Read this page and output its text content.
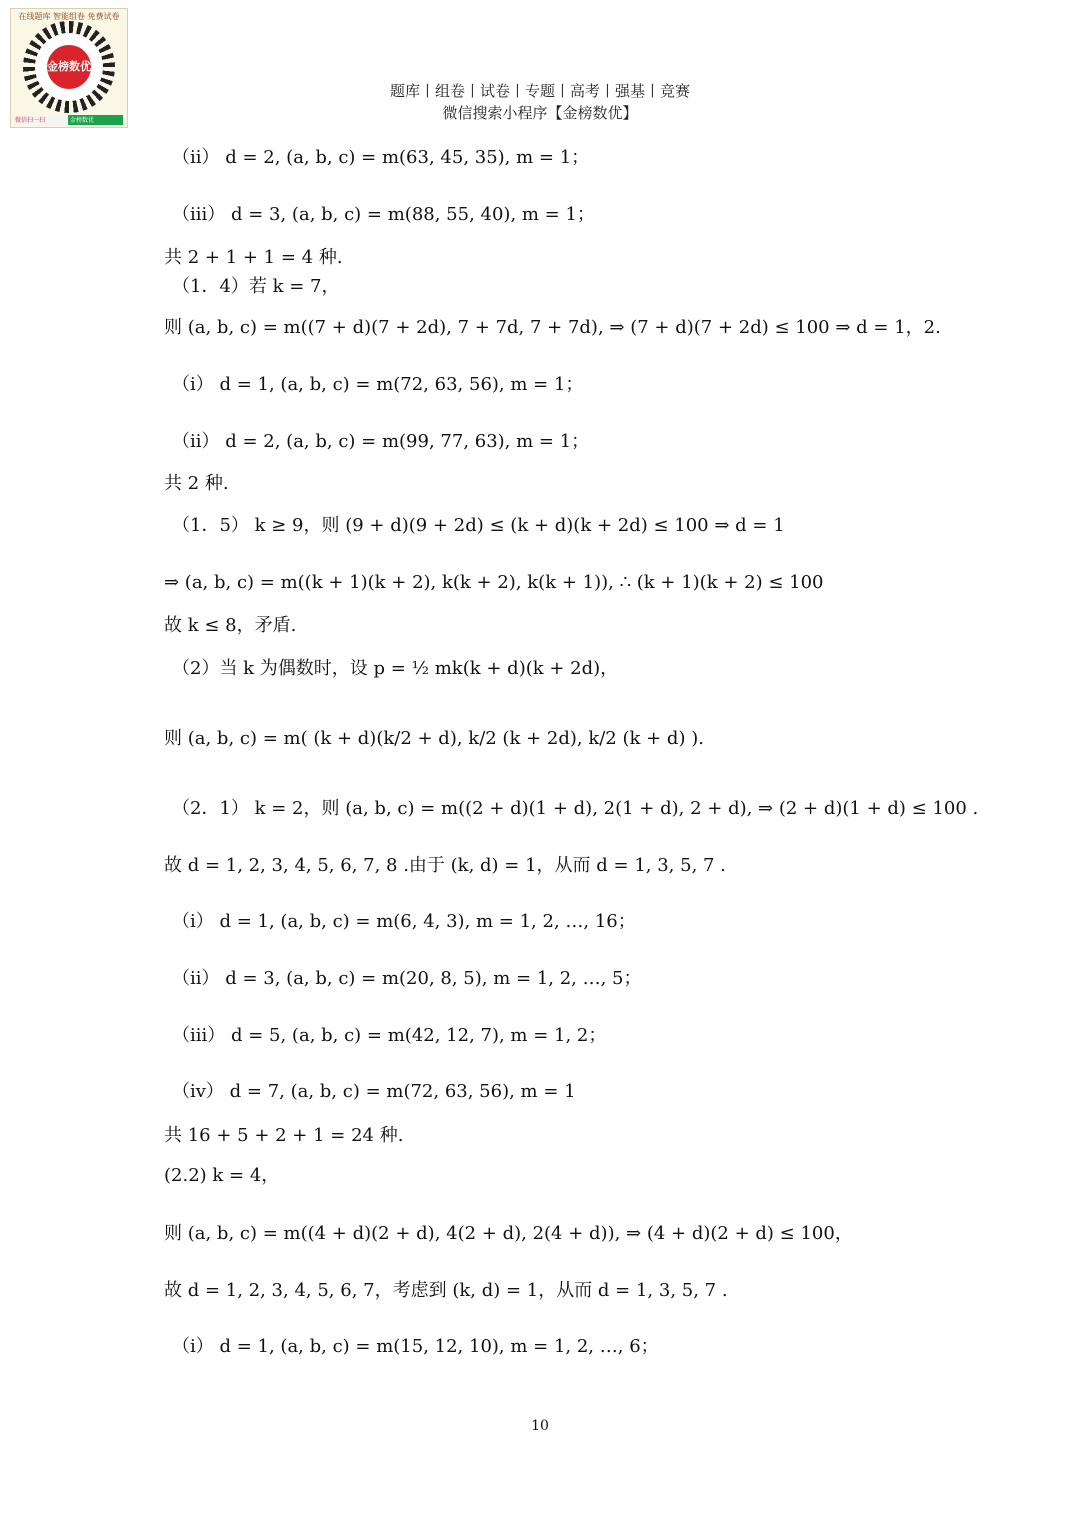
在线题库 智能组卷 免费试卷
金榜数优
微信扫一扫	金榜数优
题库丨组卷丨试卷丨专题丨高考丨强基丨竞赛
微信搜索小程序【金榜数优】
（ii） d = 2, (a, b, c) = m(63, 45, 35), m = 1；
（iii） d = 3, (a, b, c) = m(88, 55, 40), m = 1；
共 2 + 1 + 1 = 4 种.
（1．4）若 k = 7，
则 (a, b, c) = m((7 + d)(7 + 2d), 7 + 7d, 7 + 7d), ⇒ (7 + d)(7 + 2d) ≤ 100 ⇒ d = 1，2.
（i） d = 1, (a, b, c) = m(72, 63, 56), m = 1；
（ii） d = 2, (a, b, c) = m(99, 77, 63), m = 1；
共 2 种.
（1．5） k ≥ 9，则 (9 + d)(9 + 2d) ≤ (k + d)(k + 2d) ≤ 100 ⇒ d = 1
⇒ (a, b, c) = m((k + 1)(k + 2), k(k + 2), k(k + 1)), ∴ (k + 1)(k + 2) ≤ 100
故 k ≤ 8，矛盾.
（2）当 k 为偶数时，设 p = ½ mk(k + d)(k + 2d)，
则 (a, b, c) = m( (k + d)(k/2 + d), k/2 (k + 2d), k/2 (k + d) ).
（2．1） k = 2，则 (a, b, c) = m((2 + d)(1 + d), 2(1 + d), 2 + d), ⇒ (2 + d)(1 + d) ≤ 100 .
故 d = 1, 2, 3, 4, 5, 6, 7, 8 .由于 (k, d) = 1，从而 d = 1, 3, 5, 7 .
（i） d = 1, (a, b, c) = m(6, 4, 3), m = 1, 2, …, 16；
（ii） d = 3, (a, b, c) = m(20, 8, 5), m = 1, 2, …, 5；
（iii） d = 5, (a, b, c) = m(42, 12, 7), m = 1, 2；
（iv） d = 7, (a, b, c) = m(72, 63, 56), m = 1
共 16 + 5 + 2 + 1 = 24 种.
(2.2) k = 4，
则 (a, b, c) = m((4 + d)(2 + d), 4(2 + d), 2(4 + d)), ⇒ (4 + d)(2 + d) ≤ 100，
故 d = 1, 2, 3, 4, 5, 6, 7，考虑到 (k, d) = 1，从而 d = 1, 3, 5, 7 .
（i） d = 1, (a, b, c) = m(15, 12, 10), m = 1, 2, …, 6；
10
